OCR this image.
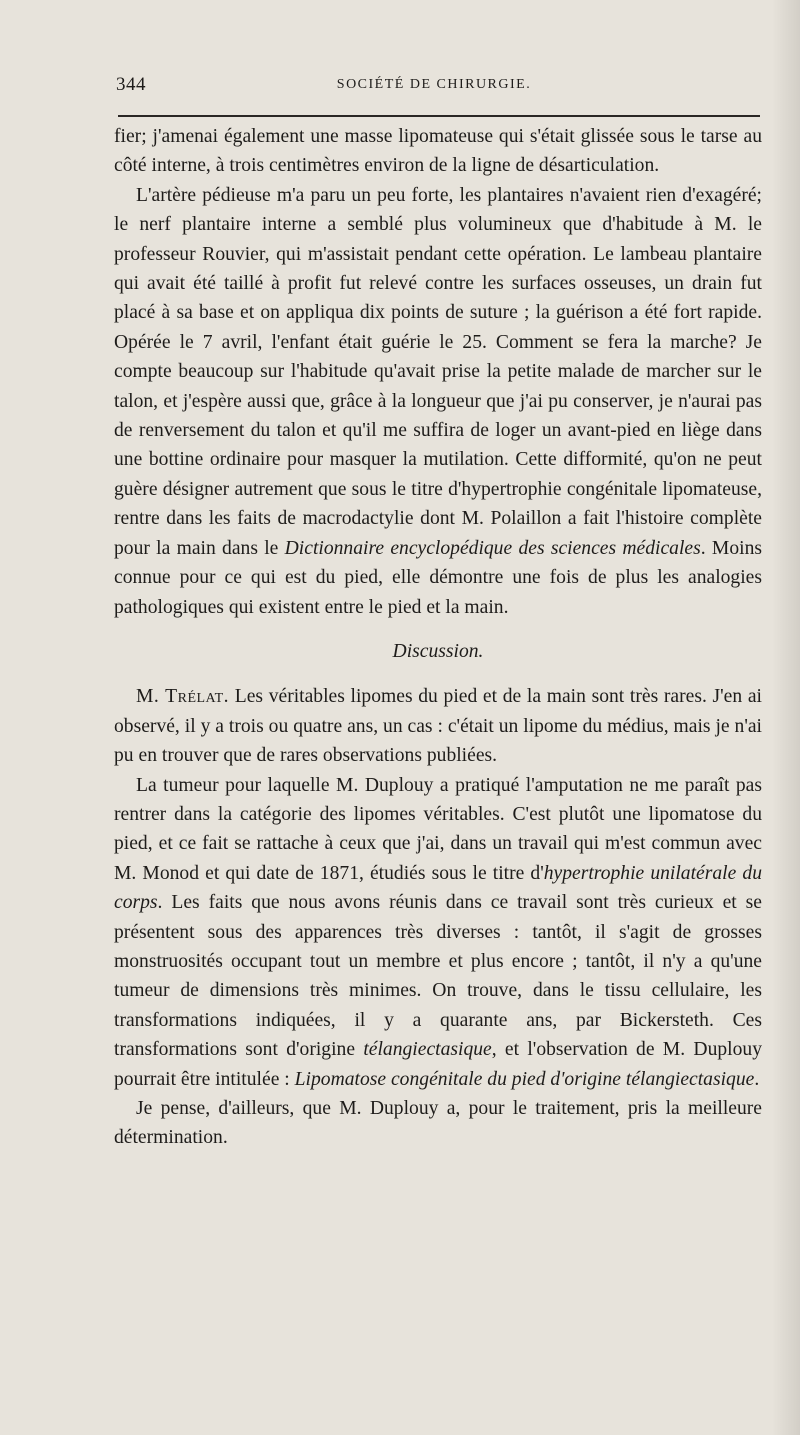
344	SOCIÉTÉ DE CHIRURGIE.

fier; j'amenai également une masse lipomateuse qui s'était glissée sous le tarse au côté interne, à trois centimètres environ de la ligne de désarticulation.

L'artère pédieuse m'a paru un peu forte, les plantaires n'avaient rien d'exagéré; le nerf plantaire interne a semblé plus volumineux que d'habitude à M. le professeur Rouvier, qui m'assistait pendant cette opération. Le lambeau plantaire qui avait été taillé à profit fut relevé contre les surfaces osseuses, un drain fut placé à sa base et on appliqua dix points de suture ; la guérison a été fort rapide. Opérée le 7 avril, l'enfant était guérie le 25. Comment se fera la marche? Je compte beaucoup sur l'habitude qu'avait prise la petite malade de marcher sur le talon, et j'espère aussi que, grâce à la longueur que j'ai pu conserver, je n'aurai pas de renversement du talon et qu'il me suffira de loger un avant-pied en liège dans une bottine ordinaire pour masquer la mutilation. Cette difformité, qu'on ne peut guère désigner autrement que sous le titre d'hypertrophie congénitale lipomateuse, rentre dans les faits de macrodactylie dont M. Polaillon a fait l'histoire complète pour la main dans le Dictionnaire encyclopédique des sciences médicales. Moins connue pour ce qui est du pied, elle démontre une fois de plus les analogies pathologiques qui existent entre le pied et la main.

Discussion.

M. Trélat. Les véritables lipomes du pied et de la main sont très rares. J'en ai observé, il y a trois ou quatre ans, un cas : c'était un lipome du médius, mais je n'ai pu en trouver que de rares observations publiées.

La tumeur pour laquelle M. Duplouy a pratiqué l'amputation ne me paraît pas rentrer dans la catégorie des lipomes véritables. C'est plutôt une lipomatose du pied, et ce fait se rattache à ceux que j'ai, dans un travail qui m'est commun avec M. Monod et qui date de 1871, étudiés sous le titre d'hypertrophie unilatérale du corps. Les faits que nous avons réunis dans ce travail sont très curieux et se présentent sous des apparences très diverses : tantôt, il s'agit de grosses monstruosités occupant tout un membre et plus encore ; tantôt, il n'y a qu'une tumeur de dimensions très minimes. On trouve, dans le tissu cellulaire, les transformations indiquées, il y a quarante ans, par Bickersteth. Ces transformations sont d'origine télangiectasique, et l'observation de M. Duplouy pourrait être intitulée : Lipomatose congénitale du pied d'origine télangiectasique.

Je pense, d'ailleurs, que M. Duplouy a, pour le traitement, pris la meilleure détermination.
